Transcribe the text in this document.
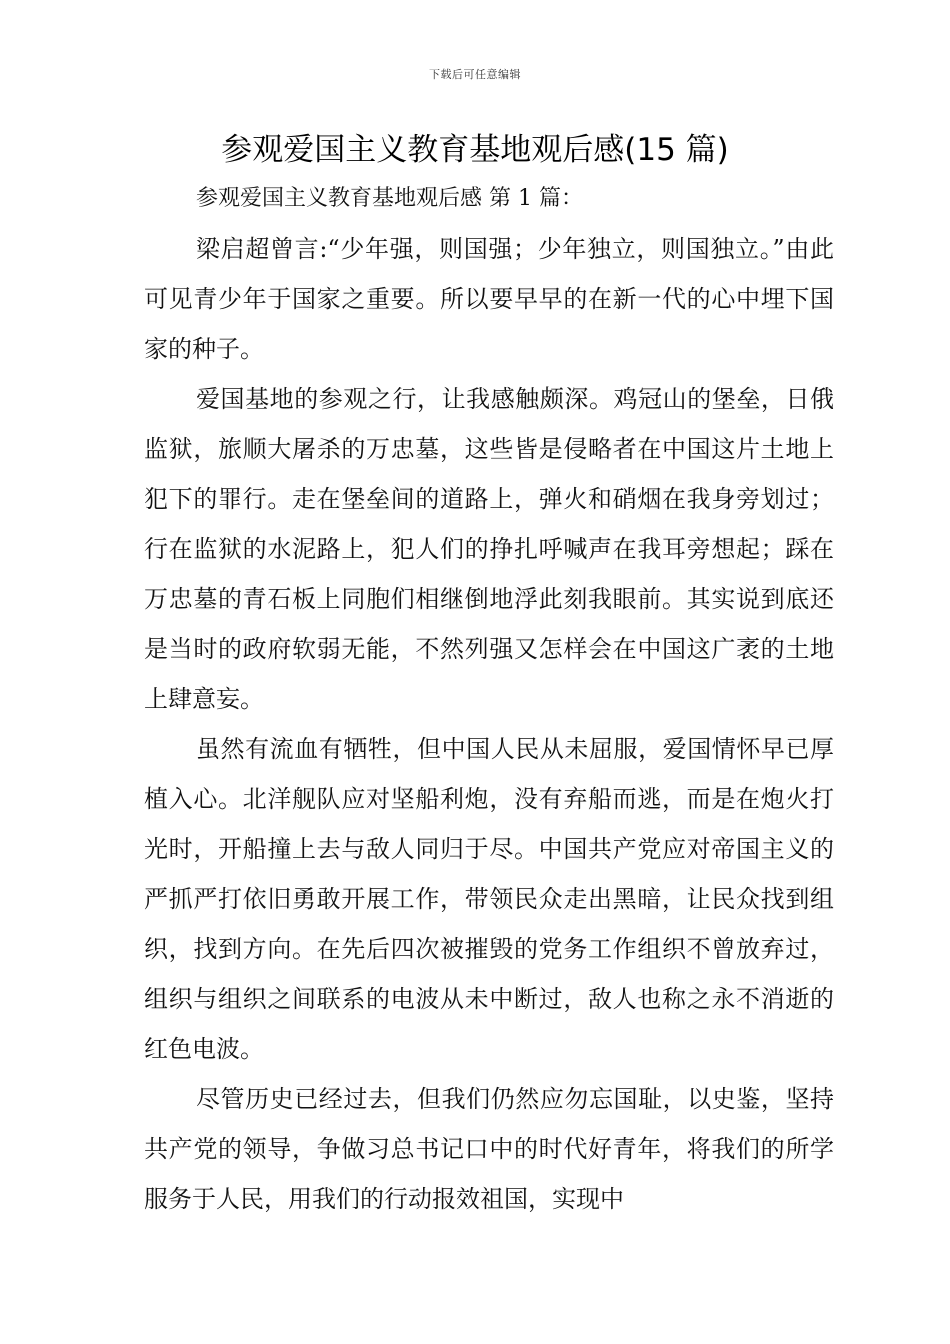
下载后可任意编辑
参观爱国主义教育基地观后感(15 篇)

参观爱国主义教育基地观后感 第 1 篇：

梁启超曾言:“少年强，则国强；少年独立，则国独立。”由此可见青少年于国家之重要。所以要早早的在新一代的心中埋下国家的种子。

爱国基地的参观之行，让我感触颇深。鸡冠山的堡垒，日俄监狱，旅顺大屠杀的万忠墓，这些皆是侵略者在中国这片土地上犯下的罪行。走在堡垒间的道路上，弹火和硝烟在我身旁划过；行在监狱的水泥路上，犯人们的挣扎呼喊声在我耳旁想起；踩在万忠墓的青石板上同胞们相继倒地浮此刻我眼前。其实说到底还是当时的政府软弱无能，不然列强又怎样会在中国这广袤的土地上肆意妄。

虽然有流血有牺牲，但中国人民从未屈服，爱国情怀早已厚植入心。北洋舰队应对坚船利炮，没有弃船而逃，而是在炮火打光时，开船撞上去与敌人同归于尽。中国共产党应对帝国主义的严抓严打依旧勇敢开展工作，带领民众走出黑暗，让民众找到组织，找到方向。在先后四次被摧毁的党务工作组织不曾放弃过，组织与组织之间联系的电波从未中断过，敌人也称之永不消逝的红色电波。

尽管历史已经过去，但我们仍然应勿忘国耻，以史鉴，坚持共产党的领导，争做习总书记口中的时代好青年，将我们的所学服务于人民，用我们的行动报效祖国，实现中
